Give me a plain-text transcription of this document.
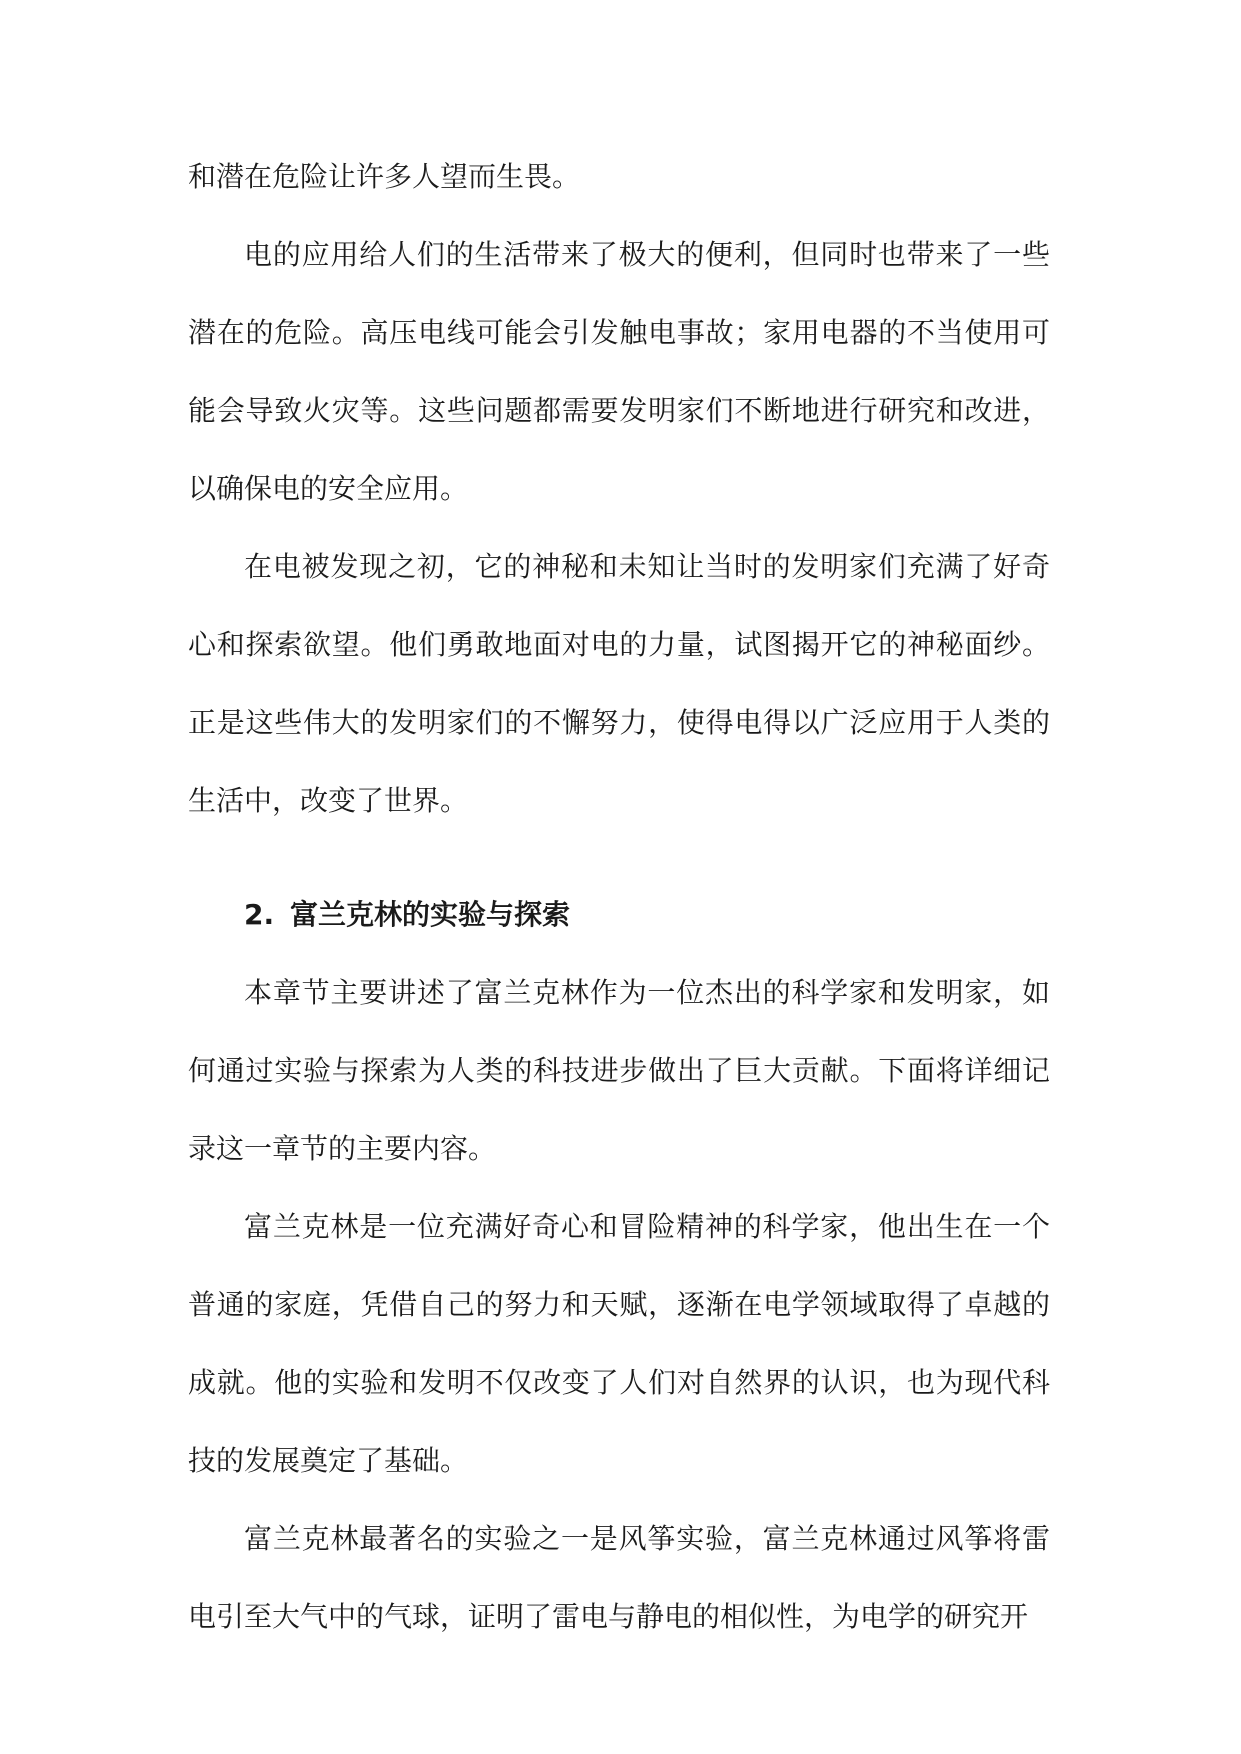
和潜在危险让许多人望而生畏。

电的应用给人们的生活带来了极大的便利，但同时也带来了一些潜在的危险。高压电线可能会引发触电事故；家用电器的不当使用可能会导致火灾等。这些问题都需要发明家们不断地进行研究和改进，以确保电的安全应用。

在电被发现之初，它的神秘和未知让当时的发明家们充满了好奇心和探索欲望。他们勇敢地面对电的力量，试图揭开它的神秘面纱。正是这些伟大的发明家们的不懈努力，使得电得以广泛应用于人类的生活中，改变了世界。

2. 富兰克林的实验与探索

本章节主要讲述了富兰克林作为一位杰出的科学家和发明家，如何通过实验与探索为人类的科技进步做出了巨大贡献。下面将详细记录这一章节的主要内容。

富兰克林是一位充满好奇心和冒险精神的科学家，他出生在一个普通的家庭，凭借自己的努力和天赋，逐渐在电学领域取得了卓越的成就。他的实验和发明不仅改变了人们对自然界的认识，也为现代科技的发展奠定了基础。

富兰克林最著名的实验之一是风筝实验，富兰克林通过风筝将雷电引至大气中的气球，证明了雷电与静电的相似性，为电学的研究开
